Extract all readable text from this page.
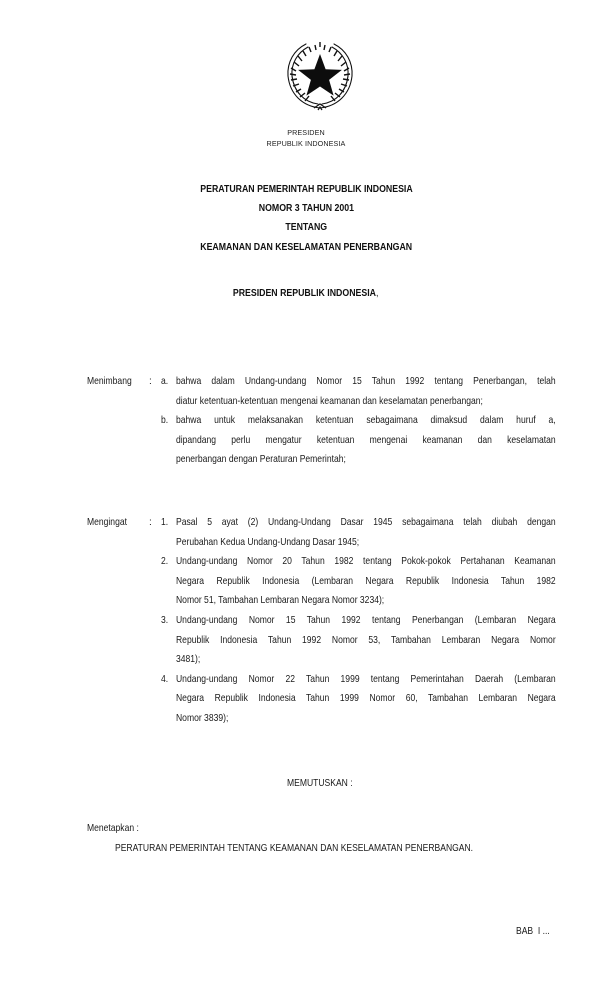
PRESIDEN
REPUBLIK INDONESIA
PERATURAN PEMERINTAH REPUBLIK INDONESIA
NOMOR 3 TAHUN 2001
TENTANG
KEAMANAN DAN KESELAMATAN PENERBANGAN
PRESIDEN REPUBLIK INDONESIA,
Menimbang	: a. bahwa dalam Undang-undang Nomor 15 Tahun 1992 tentang Penerbangan, telah
diatur ketentuan-ketentuan mengenai keamanan dan keselamatan penerbangan;
b. bahwa untuk melaksanakan ketentuan sebagaimana dimaksud dalam huruf a,
dipandang perlu mengatur ketentuan mengenai keamanan dan keselamatan
penerbangan dengan Peraturan Pemerintah;
Mengingat	: 1. Pasal 5 ayat (2) Undang-Undang Dasar 1945 sebagaimana telah diubah dengan
Perubahan Kedua Undang-Undang Dasar 1945;
2. Undang-undang Nomor 20 Tahun 1982 tentang Pokok-pokok Pertahanan Keamanan
Negara Republik Indonesia (Lembaran Negara Republik Indonesia Tahun 1982
Nomor 51, Tambahan Lembaran Negara Nomor 3234);
3. Undang-undang Nomor 15 Tahun 1992 tentang Penerbangan (Lembaran Negara
Republik Indonesia Tahun 1992 Nomor 53, Tambahan Lembaran Negara Nomor
3481);
4. Undang-undang Nomor 22 Tahun 1999 tentang Pemerintahan Daerah (Lembaran
Negara Republik Indonesia Tahun 1999 Nomor 60, Tambahan Lembaran Negara
Nomor 3839);
MEMUTUSKAN :
Menetapkan :
PERATURAN PEMERINTAH TENTANG KEAMANAN DAN KESELAMATAN PENERBANGAN.
BAB  I ...
